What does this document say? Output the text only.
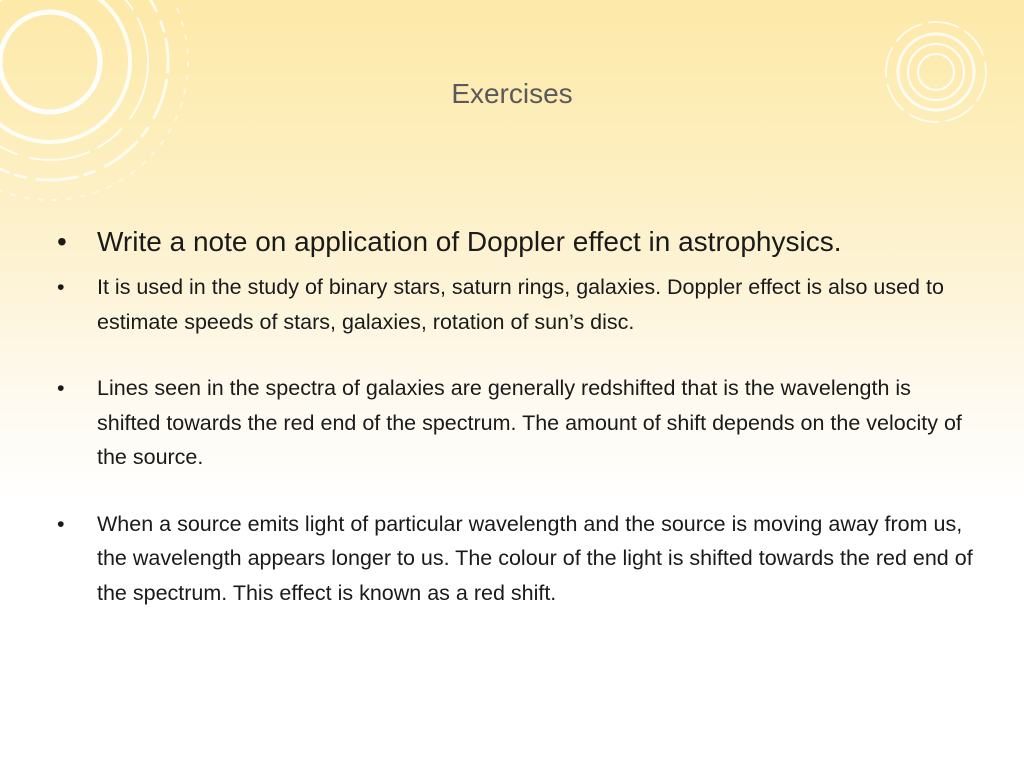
Exercises
• Write a note on application of Doppler effect in astrophysics.
• It is used in the study of binary stars, saturn rings, galaxies. Doppler effect is also used to estimate speeds of stars, galaxies, rotation of sun’s disc.
• Lines seen in the spectra of galaxies are generally redshifted that is the wavelength is shifted towards the red end of the spectrum. The amount of shift depends on the velocity of the source.
• When a source emits light of particular wavelength and the source is moving away from us, the wavelength appears longer to us. The colour of the light is shifted towards the red end of the spectrum. This effect is known as a red shift.
